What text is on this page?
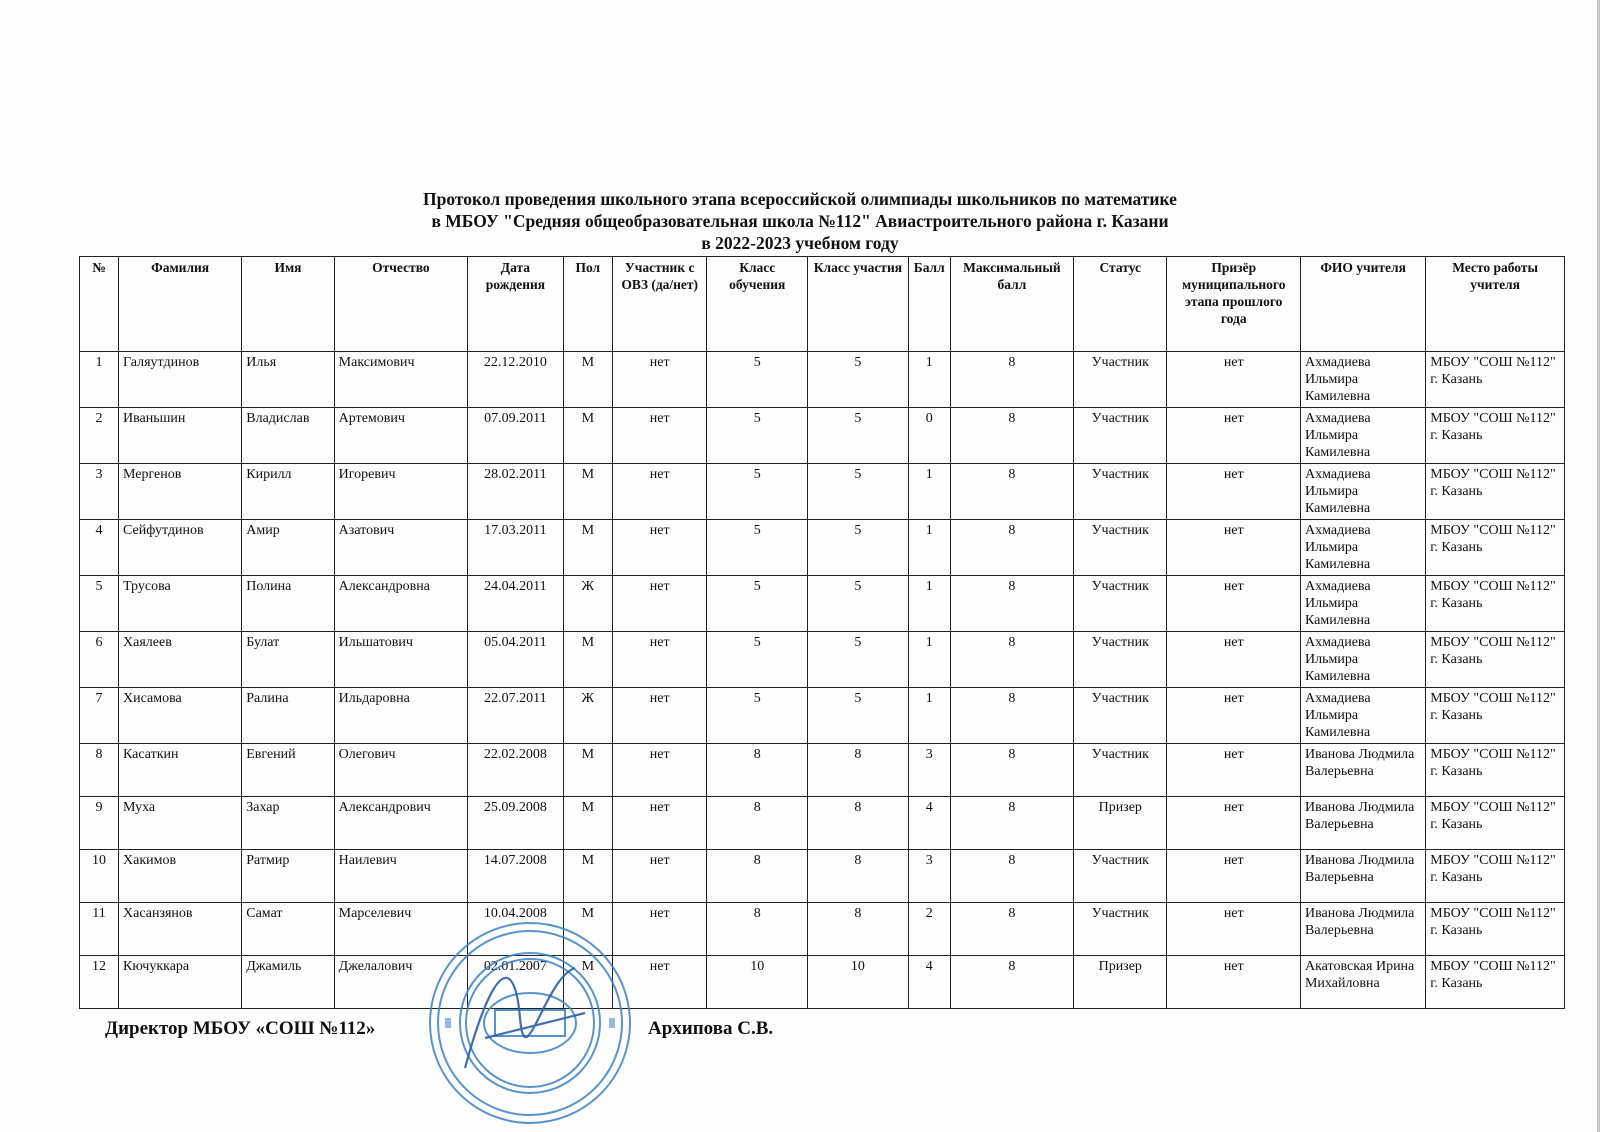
Протокол проведения школьного этапа всероссийской олимпиады школьников по математике
в МБОУ "Средняя общеобразовательная школа №112" Авиастроительного района г. Казани
в 2022-2023 учебном году
№	Фамилия	Имя	Отчество	Дата рождения	Пол	Участник с ОВЗ (да/нет)	Класс обучения	Класс участия	Балл	Максимальный балл	Статус	Призёр муниципального этапа прошлого года	ФИО учителя	Место работы учителя
1	Галяутдинов	Илья	Максимович	22.12.2010	М	нет	5	5	1	8	Участник	нет	Ахмадиева Ильмира Камилевна	МБОУ "СОШ №112" г. Казань
2	Иваньшин	Владислав	Артемович	07.09.2011	М	нет	5	5	0	8	Участник	нет	Ахмадиева Ильмира Камилевна	МБОУ "СОШ №112" г. Казань
3	Мергенов	Кирилл	Игоревич	28.02.2011	М	нет	5	5	1	8	Участник	нет	Ахмадиева Ильмира Камилевна	МБОУ "СОШ №112" г. Казань
4	Сейфутдинов	Амир	Азатович	17.03.2011	М	нет	5	5	1	8	Участник	нет	Ахмадиева Ильмира Камилевна	МБОУ "СОШ №112" г. Казань
5	Трусова	Полина	Александровна	24.04.2011	Ж	нет	5	5	1	8	Участник	нет	Ахмадиева Ильмира Камилевна	МБОУ "СОШ №112" г. Казань
6	Хаялеев	Булат	Ильшатович	05.04.2011	М	нет	5	5	1	8	Участник	нет	Ахмадиева Ильмира Камилевна	МБОУ "СОШ №112" г. Казань
7	Хисамова	Ралина	Ильдаровна	22.07.2011	Ж	нет	5	5	1	8	Участник	нет	Ахмадиева Ильмира Камилевна	МБОУ "СОШ №112" г. Казань
8	Касаткин	Евгений	Олегович	22.02.2008	М	нет	8	8	3	8	Участник	нет	Иванова Людмила Валерьевна	МБОУ "СОШ №112" г. Казань
9	Муха	Захар	Александрович	25.09.2008	М	нет	8	8	4	8	Призер	нет	Иванова Людмила Валерьевна	МБОУ "СОШ №112" г. Казань
10	Хакимов	Ратмир	Наилевич	14.07.2008	М	нет	8	8	3	8	Участник	нет	Иванова Людмила Валерьевна	МБОУ "СОШ №112" г. Казань
11	Хасанзянов	Самат	Марселевич	10.04.2008	М	нет	8	8	2	8	Участник	нет	Иванова Людмила Валерьевна	МБОУ "СОШ №112" г. Казань
12	Кючуккара	Джамиль	Джелалович	02.01.2007	М	нет	10	10	4	8	Призер	нет	Акатовская Ирина Михайловна	МБОУ "СОШ №112" г. Казань
Директор МБОУ «СОШ №112»	Архипова С.В.
